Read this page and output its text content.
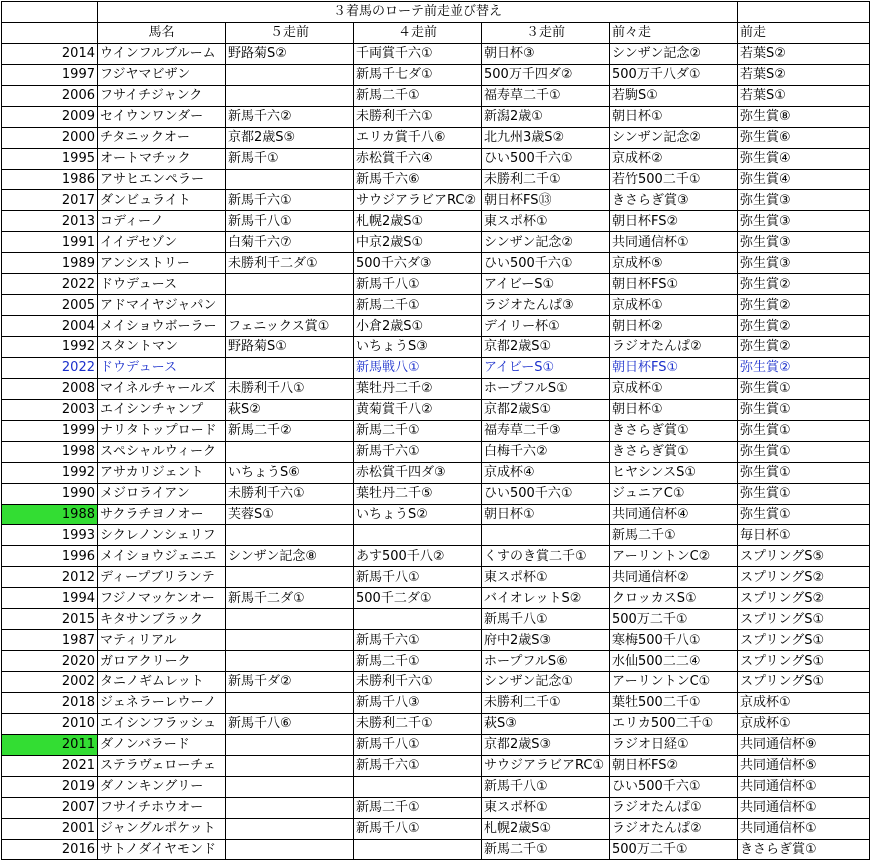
	３着馬のローテ前走並び替え					
	馬名	５走前	４走前	３走前	前々走	前走
2014	ウインフルブルーム	野路菊S②	千両賞千六①	朝日杯③	シンザン記念②	若葉S②
1997	フジヤマビザン		新馬千七ダ①	500万千四ダ②	500万千八ダ①	若葉S②
2006	フサイチジャンク		新馬二千①	福寿草二千①	若駒S①	若葉S①
2009	セイウンワンダー	新馬千六②	未勝利千六①	新潟2歳①	朝日杯①	弥生賞⑧
2000	チタニックオー	京都2歳S⑤	エリカ賞千八⑥	北九州3歳S②	シンザン記念②	弥生賞⑥
1995	オートマチック	新馬千①	赤松賞千六④	ひい500千六①	京成杯②	弥生賞④
1986	アサヒエンペラー		新馬千六⑥	未勝利二千①	若竹500二千①	弥生賞④
2017	ダンビュライト	新馬千六①	サウジアラビアRC②	朝日杯FS⑬	きさらぎ賞③	弥生賞③
2013	コディーノ	新馬千八①	札幌2歳S①	東スポ杯①	朝日杯FS②	弥生賞③
1991	イイデセゾン	白菊千六⑦	中京2歳S①	シンザン記念②	共同通信杯①	弥生賞③
1989	アンシストリー	未勝利千二ダ①	500千六ダ③	ひい500千六①	京成杯⑤	弥生賞③
2022	ドウデュース		新馬千八①	アイビーS①	朝日杯FS①	弥生賞②
2005	アドマイヤジャパン		新馬二千①	ラジオたんぱ③	京成杯①	弥生賞②
2004	メイショウボーラー	フェニックス賞①	小倉2歳S①	デイリー杯①	朝日杯②	弥生賞②
1992	スタントマン	野路菊S①	いちょうS③	京都2歳S①	ラジオたんぱ②	弥生賞②
2022	ドウデュース		新馬戦八①	アイビーS①	朝日杯FS①	弥生賞②
2008	マイネルチャールズ	未勝利千八①	葉牡丹二千②	ホープフルS①	京成杯①	弥生賞①
2003	エイシンチャンプ	萩S②	黄菊賞千八②	京都2歳S①	朝日杯①	弥生賞①
1999	ナリタトップロード	新馬二千②	新馬二千①	福寿草二千③	きさらぎ賞①	弥生賞①
1998	スペシャルウィーク		新馬千六①	白梅千六②	きさらぎ賞①	弥生賞①
1992	アサカリジェント	いちょうS⑥	赤松賞千四ダ③	京成杯④	ヒヤシンスS①	弥生賞①
1990	メジロライアン	未勝利千六①	葉牡丹二千⑤	ひい500千六①	ジュニアC①	弥生賞①
1988	サクラチヨノオー	芙蓉S①	いちょうS②	朝日杯①	共同通信杯④	弥生賞①
1993	シクレノンシェリフ				新馬二千①	毎日杯①
1996	メイショウジェニエ	シンザン記念⑧	あす500千八②	くすのき賞二千①	アーリントンC②	スプリングS⑤
2012	ディープブリランテ		新馬千八①	東スポ杯①	共同通信杯②	スプリングS②
1994	フジノマッケンオー	新馬千二ダ①	500千二ダ①	バイオレットS②	クロッカスS①	スプリングS②
2015	キタサンブラック			新馬千八①	500万二千①	スプリングS①
1987	マティリアル		新馬千六①	府中2歳S③	寒梅500千八①	スプリングS①
2020	ガロアクリーク		新馬二千①	ホープフルS⑥	水仙500二二④	スプリングS①
2002	タニノギムレット	新馬千ダ②	未勝利千六①	シンザン記念①	アーリントンC①	スプリングS①
2018	ジェネラーレウーノ		新馬千八③	未勝利二千①	葉牡500二千①	京成杯①
2010	エイシンフラッシュ	新馬千八⑥	未勝利二千①	萩S③	エリカ500二千①	京成杯①
2011	ダノンバラード		新馬千八①	京都2歳S③	ラジオ日経①	共同通信杯⑨
2021	ステラヴェローチェ		新馬千六①	サウジアラビアRC①	朝日杯FS②	共同通信杯⑤
2019	ダノンキングリー			新馬千八①	ひい500千六①	共同通信杯①
2007	フサイチホウオー		新馬二千①	東スポ杯①	ラジオたんぱ①	共同通信杯①
2001	ジャングルポケット		新馬千八①	札幌2歳S①	ラジオたんぱ②	共同通信杯①
2016	サトノダイヤモンド			新馬二千①	500万二千①	きさらぎ賞①
